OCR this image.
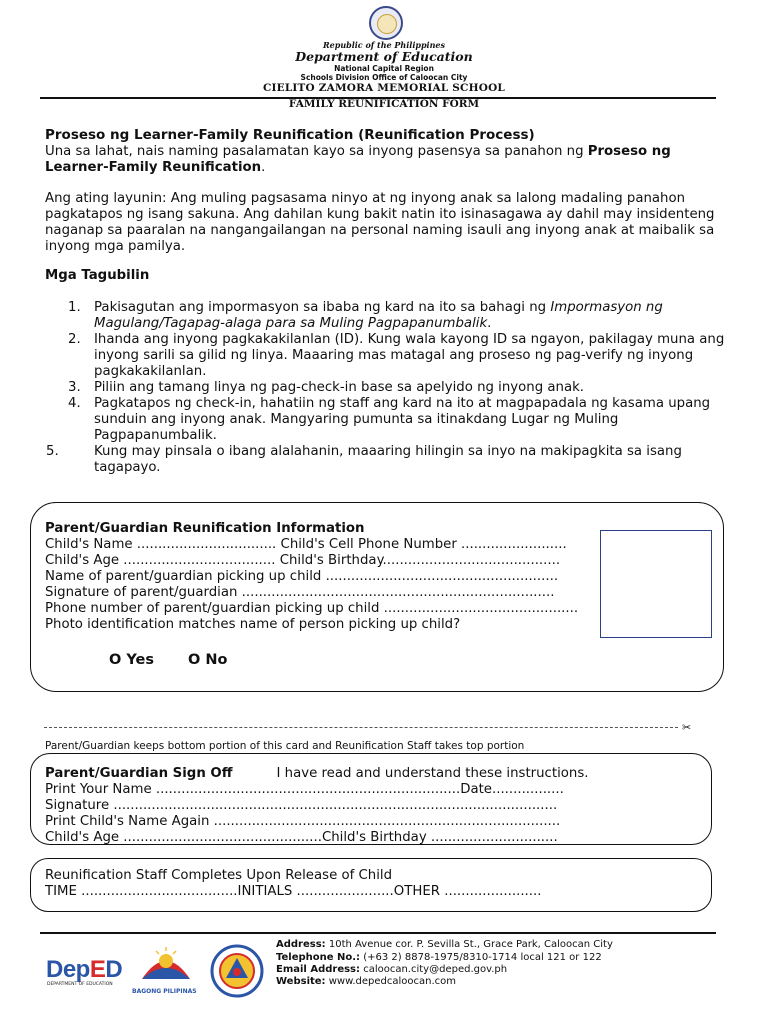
Republic of the Philippines
Department of Education
National Capital Region
Schools Division Office of Caloocan City
CIELITO ZAMORA MEMORIAL SCHOOL
FAMILY REUNIFICATION FORM
Proseso ng Learner-Family Reunification (Reunification Process)
Una sa lahat, nais naming pasalamatan kayo sa inyong pasensya sa panahon ng Proseso ng Learner-Family Reunification.
Ang ating layunin: Ang muling pagsasama ninyo at ng inyong anak sa lalong madaling panahon
pagkatapos ng isang sakuna. Ang dahilan kung bakit natin ito isinasagawa ay dahil may insidenteng
naganap sa paaralan na nangangailangan na personal naming isauli ang inyong anak at maibalik sa
inyong mga pamilya.
Mga Tagubilin
1. Pakisagutan ang impormasyon sa ibaba ng kard na ito sa bahagi ng Impormasyon ng Magulang/Tagapag-alaga para sa Muling Pagpapanumbalik.
2. Ihanda ang inyong pagkakakilanlan (ID). Kung wala kayong ID sa ngayon, pakilagay muna ang inyong sarili sa gilid ng linya. Maaaring mas matagal ang proseso ng pag-verify ng inyong pagkakakilanlan.
3. Piliin ang tamang linya ng pag-check-in base sa apelyido ng inyong anak.
4. Pagkatapos ng check-in, hahatiin ng staff ang kard na ito at magpapadala ng kasama upang sunduin ang inyong anak. Mangyaring pumunta sa itinakdang Lugar ng Muling Pagpapanumbalik.
5.	Kung may pinsala o ibang alalahanin, maaaring hilingin sa inyo na makipagkita sa isang tagapayo.
Parent/Guardian Reunification Information
Child's Name ................................. Child's Cell Phone Number .........................
Child's Age .................................... Child's Birthday..........................................
Name of parent/guardian picking up child .......................................................
Signature of parent/guardian ..........................................................................
Phone number of parent/guardian picking up child ..............................................
Photo identification matches name of person picking up child?
O Yes O No
✂
Parent/Guardian keeps bottom portion of this card and Reunification Staff takes top portion
Parent/Guardian Sign Off	I have read and understand these instructions.
Print Your Name ........................................................................Date.................
Signature .........................................................................................................
Print Child's Name Again ..................................................................................
Child's Age ...............................................Child's Birthday ..............................
Reunification Staff Completes Upon Release of Child
TIME .....................................INITIALS .......................OTHER .......................
DepED
DEPARTMENT OF EDUCATION
BAGONG PILIPINAS
Address: 10th Avenue cor. P. Sevilla St., Grace Park, Caloocan City
Telephone No.: (+63 2) 8878-1975/8310-1714 local 121 or 122
Email Address: caloocan.city@deped.gov.ph
Website: www.depedcaloocan.com
